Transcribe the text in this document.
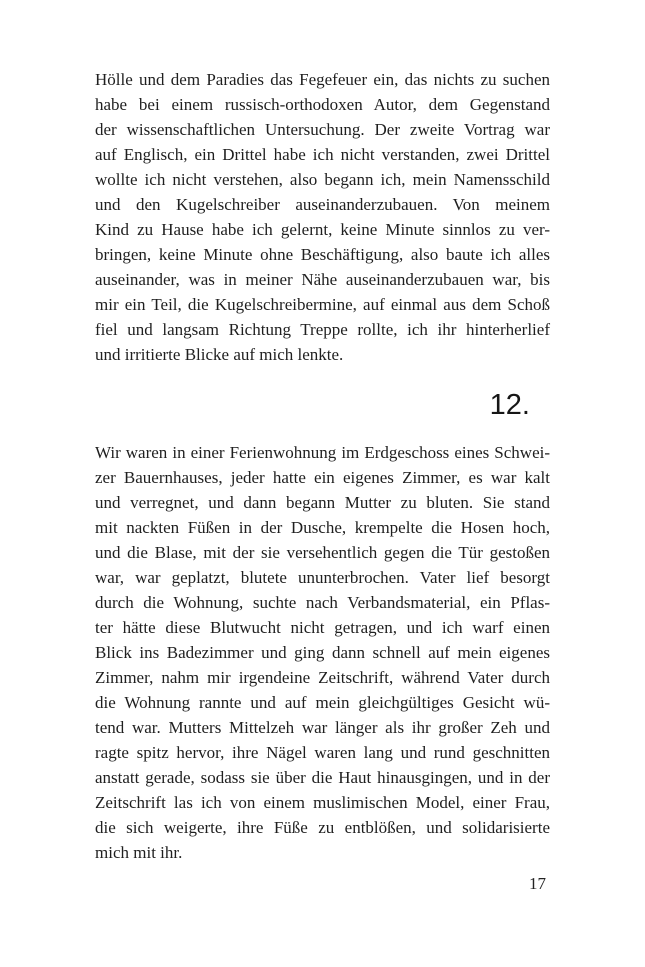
Hölle und dem Paradies das Fegefeuer ein, das nichts zu suchen
habe bei einem russisch-orthodoxen Autor, dem Gegenstand
der wissenschaftlichen Untersuchung. Der zweite Vortrag war
auf Englisch, ein Drittel habe ich nicht verstanden, zwei Drittel
wollte ich nicht verstehen, also begann ich, mein Namensschild
und den Kugelschreiber auseinanderzubauen. Von meinem
Kind zu Hause habe ich gelernt, keine Minute sinnlos zu ver-
bringen, keine Minute ohne Beschäftigung, also baute ich alles
auseinander, was in meiner Nähe auseinanderzubauen war, bis
mir ein Teil, die Kugelschreibermine, auf einmal aus dem Schoß
fiel und langsam Richtung Treppe rollte, ich ihr hinterherlief
und irritierte Blicke auf mich lenkte.
12.
Wir waren in einer Ferienwohnung im Erdgeschoss eines Schwei-
zer Bauernhauses, jeder hatte ein eigenes Zimmer, es war kalt
und verregnet, und dann begann Mutter zu bluten. Sie stand
mit nackten Füßen in der Dusche, krempelte die Hosen hoch,
und die Blase, mit der sie versehentlich gegen die Tür gestoßen
war, war geplatzt, blutete ununterbrochen. Vater lief besorgt
durch die Wohnung, suchte nach Verbandsmaterial, ein Pflas-
ter hätte diese Blutwucht nicht getragen, und ich warf einen
Blick ins Badezimmer und ging dann schnell auf mein eigenes
Zimmer, nahm mir irgendeine Zeitschrift, während Vater durch
die Wohnung rannte und auf mein gleichgültiges Gesicht wü-
tend war. Mutters Mittelzeh war länger als ihr großer Zeh und
ragte spitz hervor, ihre Nägel waren lang und rund geschnitten
anstatt gerade, sodass sie über die Haut hinausgingen, und in der
Zeitschrift las ich von einem muslimischen Model, einer Frau,
die sich weigerte, ihre Füße zu entblößen, und solidarisierte
mich mit ihr.
17
